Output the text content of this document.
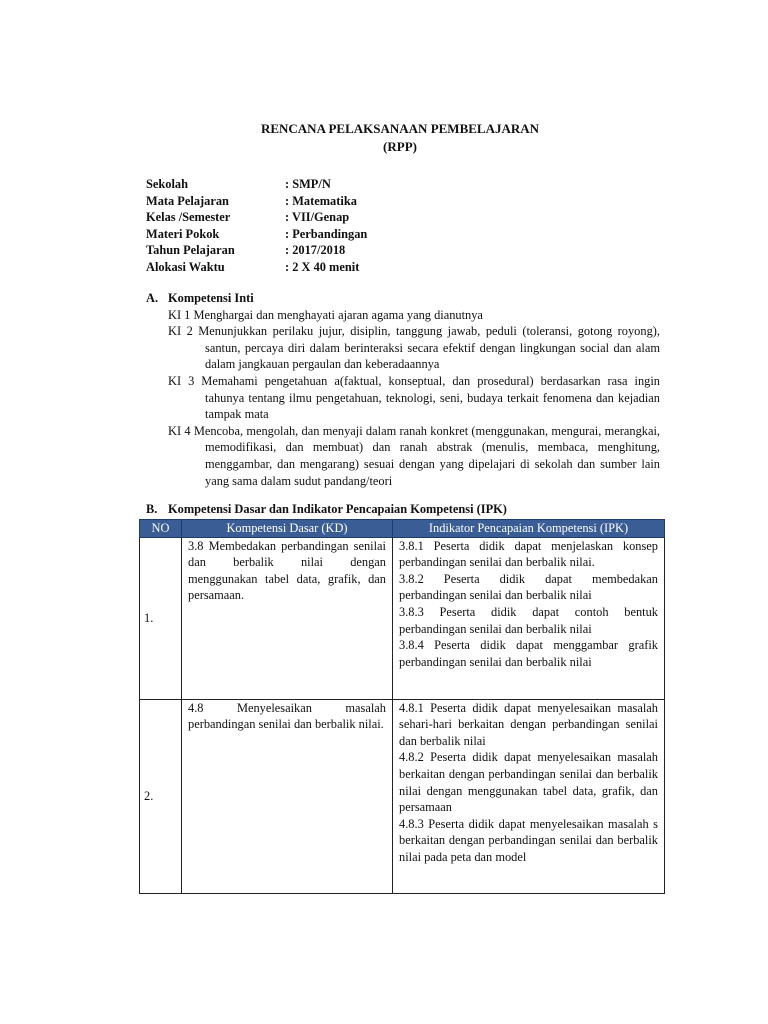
RENCANA PELAKSANAAN PEMBELAJARAN
(RPP)
Sekolah	: SMP/N
Mata Pelajaran	: Matematika
Kelas /Semester	: VII/Genap
Materi Pokok	: Perbandingan
Tahun Pelajaran	: 2017/2018
Alokasi Waktu	: 2 X 40 menit
A. Kompetensi Inti
KI 1 Menghargai dan menghayati ajaran agama yang dianutnya
KI 2 Menunjukkan perilaku jujur, disiplin, tanggung jawab, peduli (toleransi, gotong royong), santun, percaya diri dalam berinteraksi secara efektif dengan lingkungan social dan alam dalam jangkauan pergaulan dan keberadaannya
KI 3 Memahami pengetahuan a(faktual, konseptual, dan prosedural) berdasarkan rasa ingin tahunya tentang ilmu pengetahuan, teknologi, seni, budaya terkait fenomena dan kejadian tampak mata
KI 4 Mencoba, mengolah, dan menyaji dalam ranah konkret (menggunakan, mengurai, merangkai, memodifikasi, dan membuat) dan ranah abstrak (menulis, membaca, menghitung, menggambar, dan mengarang) sesuai dengan yang dipelajari di sekolah dan sumber lain yang sama dalam sudut pandang/teori
B. Kompetensi Dasar dan Indikator Pencapaian Kompetensi (IPK)
NO	Kompetensi Dasar (KD)	Indikator Pencapaian Kompetensi (IPK)
1.	3.8 Membedakan perbandingan senilai dan berbalik nilai dengan menggunakan tabel data, grafik, dan persamaan.	3.8.1 Peserta didik dapat menjelaskan konsep perbandingan senilai dan berbalik nilai.
3.8.2 Peserta didik dapat membedakan perbandingan senilai dan berbalik nilai
3.8.3 Peserta didik dapat contoh bentuk perbandingan senilai dan berbalik nilai
3.8.4 Peserta didik dapat menggambar grafik perbandingan senilai dan berbalik nilai

2.	4.8 Menyelesaikan masalah perbandingan senilai dan berbalik nilai.	4.8.1 Peserta didik dapat menyelesaikan masalah sehari-hari berkaitan dengan perbandingan senilai dan berbalik nilai
4.8.2 Peserta didik dapat menyelesaikan masalah berkaitan dengan perbandingan senilai dan berbalik nilai dengan menggunakan tabel data, grafik, dan persamaan
4.8.3 Peserta didik dapat menyelesaikan masalah s berkaitan dengan perbandingan senilai dan berbalik nilai pada peta dan model
